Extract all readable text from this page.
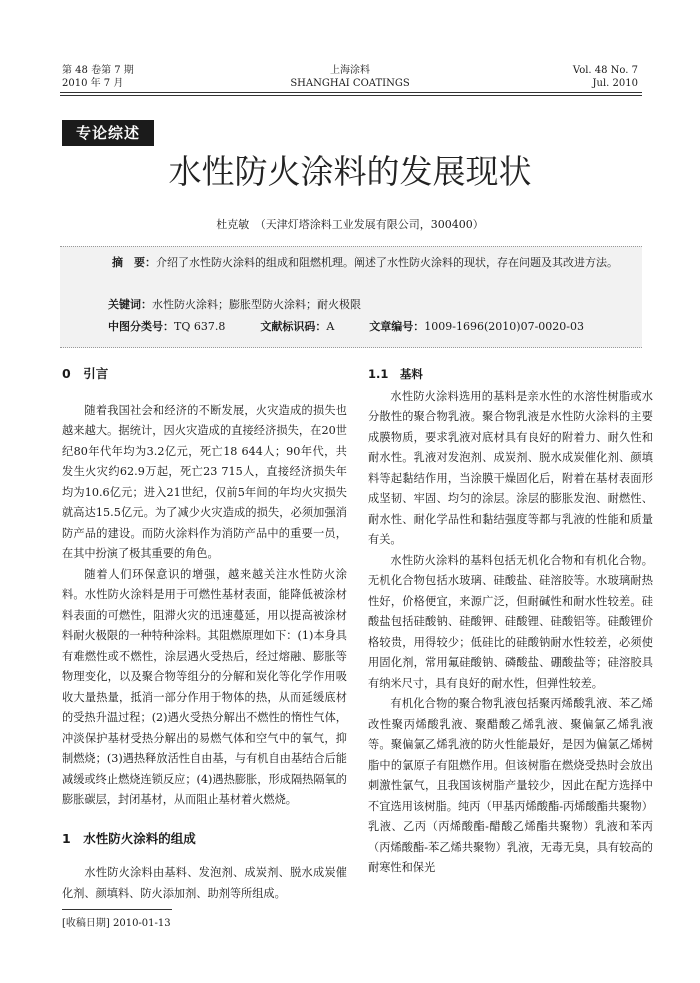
第 48 卷第 7 期
2010 年 7 月
上海涂料
SHANGHAI COATINGS
Vol. 48 No. 7
Jul. 2010
专论综述
水性防火涂料的发展现状
杜克敏　（天津灯塔涂料工业发展有限公司，300400）
摘　要：介绍了水性防火涂料的组成和阻燃机理。阐述了水性防火涂料的现状，存在问题及其改进方法。
关键词：水性防火涂料；膨胀型防火涂料；耐火极限
中图分类号：TQ 637.8	文献标识码：A	文章编号：1009-1696(2010)07-0020-03
0　引言

随着我国社会和经济的不断发展，火灾造成的损失也越来越大。据统计，因火灾造成的直接经济损失，在20世纪80年代年均为3.2亿元，死亡18 644人；90年代，共发生火灾约62.9万起，死亡23 715人，直接经济损失年均为10.6亿元；进入21世纪，仅前5年间的年均火灾损失就高达15.5亿元。为了减少火灾造成的损失，必须加强消防产品的建设。而防火涂料作为消防产品中的重要一员，在其中扮演了极其重要的角色。

随着人们环保意识的增强，越来越关注水性防火涂料。水性防火涂料是用于可燃性基材表面，能降低被涂材料表面的可燃性，阻滞火灾的迅速蔓延，用以提高被涂材料耐火极限的一种特种涂料。其阻燃原理如下：(1)本身具有难燃性或不燃性，涂层遇火受热后，经过熔融、膨胀等物理变化，以及聚合物等组分的分解和炭化等化学作用吸收大量热量，抵消一部分作用于物体的热，从而延缓底材的受热升温过程；(2)遇火受热分解出不燃性的惰性气体，冲淡保护基材受热分解出的易燃气体和空气中的氧气，抑制燃烧；(3)遇热释放活性自由基，与有机自由基结合后能减缓或终止燃烧连锁反应；(4)遇热膨胀，形成隔热隔氧的膨胀碳层，封闭基材，从而阻止基材着火燃烧。

1　水性防火涂料的组成

水性防火涂料由基料、发泡剂、成炭剂、脱水成炭催化剂、颜填料、防火添加剂、助剂等所组成。

1.1　基料

水性防火涂料选用的基料是亲水性的水溶性树脂或水分散性的聚合物乳液。聚合物乳液是水性防火涂料的主要成膜物质，要求乳液对底材具有良好的附着力、耐久性和耐水性。乳液对发泡剂、成炭剂、脱水成炭催化剂、颜填料等起黏结作用，当涂膜干燥固化后，附着在基材表面形成坚韧、牢固、均匀的涂层。涂层的膨胀发泡、耐燃性、耐水性、耐化学品性和黏结强度等都与乳液的性能和质量有关。

水性防火涂料的基料包括无机化合物和有机化合物。无机化合物包括水玻璃、硅酸盐、硅溶胶等。水玻璃耐热性好，价格便宜，来源广泛，但耐碱性和耐水性较差。硅酸盐包括硅酸钠、硅酸钾、硅酸锂、硅酸铝等。硅酸锂价格较贵，用得较少；低硅比的硅酸钠耐水性较差，必须使用固化剂，常用氟硅酸钠、磷酸盐、硼酸盐等；硅溶胶具有纳米尺寸，具有良好的耐水性，但弹性较差。

有机化合物的聚合物乳液包括聚丙烯酸乳液、苯乙烯改性聚丙烯酸乳液、聚醋酸乙烯乳液、聚偏氯乙烯乳液等。聚偏氯乙烯乳液的防火性能最好，是因为偏氯乙烯树脂中的氯原子有阻燃作用。但该树脂在燃烧受热时会放出刺激性氯气，且我国该树脂产量较少，因此在配方选择中不宜选用该树脂。纯丙（甲基丙烯酸酯-丙烯酸酯共聚物）乳液、乙丙（丙烯酸酯-醋酸乙烯酯共聚物）乳液和苯丙（丙烯酸酯-苯乙烯共聚物）乳液，无毒无臭，具有较高的耐寒性和保光

[收稿日期] 2010-01-13
